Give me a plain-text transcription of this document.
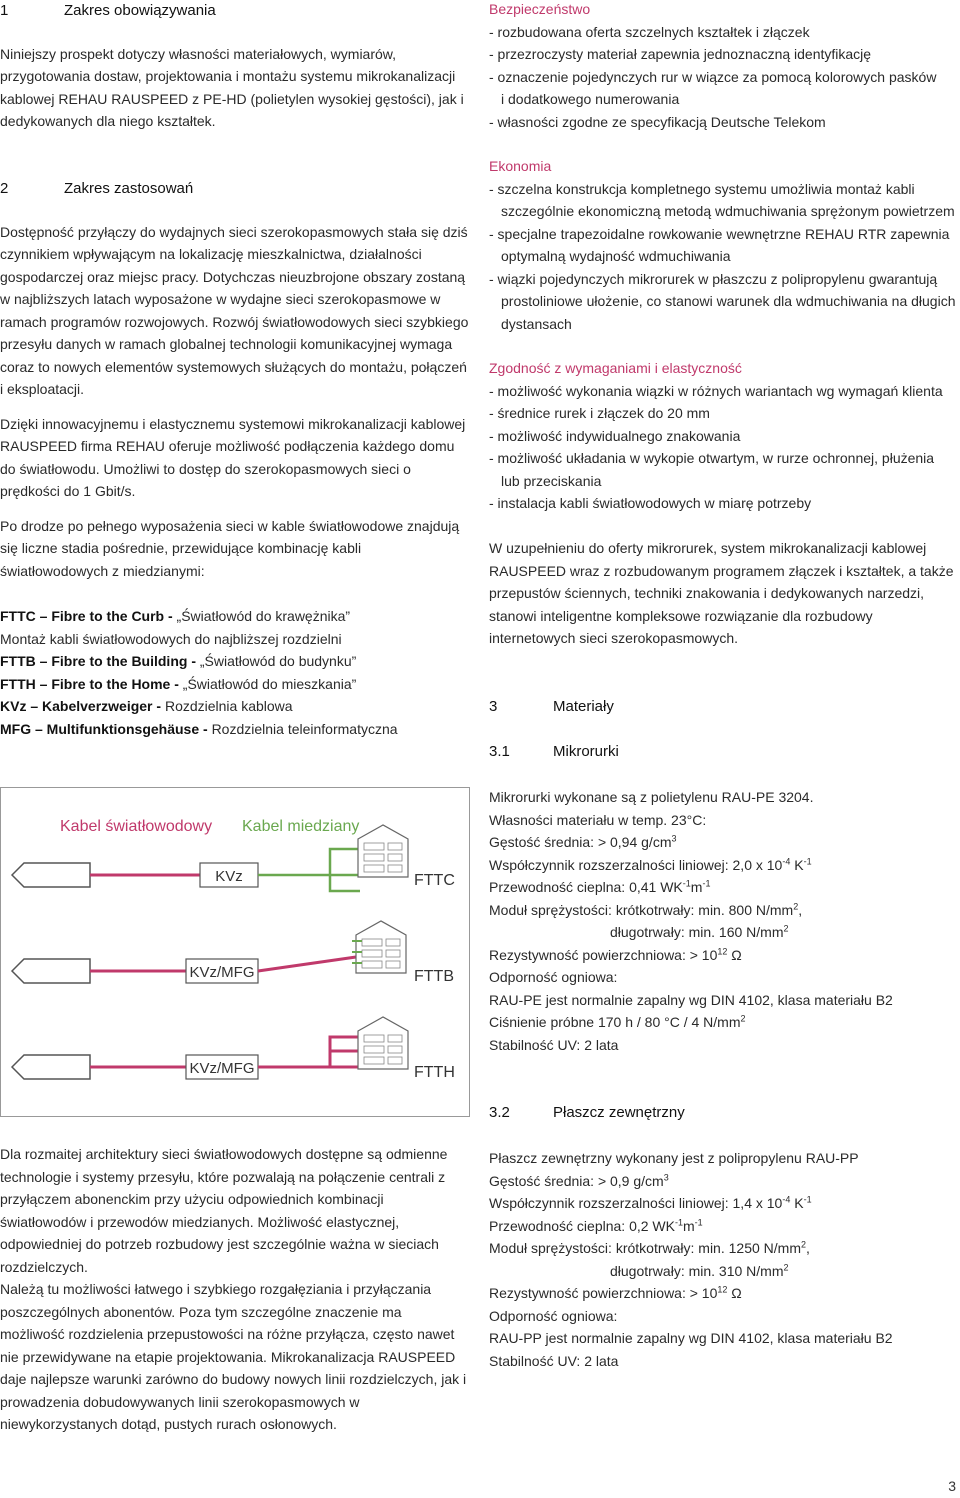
1	Zakres obowiązywania

Niniejszy prospekt dotyczy własności materiałowych, wymiarów, przygotowania dostaw, projektowania i montażu systemu mikrokanalizacji kablowej REHAU RAUSPEED z PE-HD (polietylen wysokiej gęstości), jak i dedykowanych dla niego kształtek.

2	Zakres zastosowań

Dostępność przyłączy do wydajnych sieci szerokopasmowych stała się dziś czynnikiem wpływającym na lokalizację mieszkalnictwa, działalności gospodarczej oraz miejsc pracy. Dotychczas nieuzbrojone obszary zostaną w najbliższych latach wyposażone w wydajne sieci szerokopasmowe w ramach programów rozwojowych. Rozwój światłowodowych sieci szybkiego przesyłu danych w ramach globalnej technologii komunikacyjnej wymaga coraz to nowych elementów systemowych służących do montażu, połączeń i eksploatacji.

Dzięki innowacyjnemu i elastycznemu systemowi mikrokanalizacji kablowej RAUSPEED firma REHAU oferuje możliwość podłączenia każdego domu do światłowodu. Umożliwi to dostęp do szerokopasmowych sieci o prędkości do 1 Gbit/s.

Po drodze po pełnego wyposażenia sieci w kable światłowodowe znajdują się liczne stadia pośrednie, przewidujące kombinację kabli światłowodowych z miedzianymi:

FTTC – Fibre to the Curb - „Światłowód do krawężnika”
Montaż kabli światłowodowych do najbliższej rozdzielni
FTTB – Fibre to the Building - „Światłowód do budynku”
FTTH – Fibre to the Home - „Światłowód do mieszkania”
KVz – Kabelverzweiger - Rozdzielnia kablowa
MFG – Multifunktionsgehäuse - Rozdzielnia teleinformatyczna
Kabel światłowodowy Kabel miedziany
KVz	FTTC
KVz/MFG	FTTB
KVz/MFG	FTTH

Dla rozmaitej architektury sieci światłowodowych dostępne są odmienne technologie i systemy przesyłu, które pozwalają na połączenie centrali z przyłączem abonenckim przy użyciu odpowiednich kombinacji światłowodów i przewodów miedzianych. Możliwość elastycznej, odpowiedniej do potrzeb rozbudowy jest szczególnie ważna w sieciach rozdzielczych.

Należą tu możliwości łatwego i szybkiego rozgałęziania i przyłączania poszczególnych abonentów. Poza tym szczególne znaczenie ma możliwość rozdzielenia przepustowości na różne przyłącza, często nawet nie przewidywane na etapie projektowania. Mikrokanalizacja RAUSPEED daje najlepsze warunki zarówno do budowy nowych linii rozdzielczych, jak i prowadzenia dobudowywanych linii szerokopasmowych w niewykorzystanych dotąd, pustych rurach osłonowych.

Bezpieczeństwo
- rozbudowana oferta szczelnych kształtek i złączek
- przezroczysty materiał zapewnia jednoznaczną identyfikację
- oznaczenie pojedynczych rur w wiązce za pomocą kolorowych pasków
i dodatkowego numerowania
- własności zgodne ze specyfikacją Deutsche Telekom
Ekonomia
- szczelna konstrukcja kompletnego systemu umożliwia montaż kabli szczególnie ekonomiczną metodą wdmuchiwania sprężonym powietrzem
- specjalne trapezoidalne rowkowanie wewnętrzne REHAU RTR zapewnia optymalną wydajność wdmuchiwania
- wiązki pojedynczych mikrorurek w płaszczu z polipropylenu gwarantują prostoliniowe ułożenie, co stanowi warunek dla wdmuchiwania na długich dystansach
Zgodność z wymaganiami i elastyczność
- możliwość wykonania wiązki w różnych wariantach wg wymagań klienta
- średnice rurek i złączek do 20 mm
- możliwość indywidualnego znakowania
- możliwość układania w wykopie otwartym, w rurze ochronnej, płużenia
lub przeciskania
- instalacja kabli światłowodowych w miarę potrzeby

W uzupełnieniu do oferty mikrorurek, system mikrokanalizacji kablowej RAUSPEED wraz z rozbudowanym programem złączek i kształtek, a także przepustów ściennych, techniki znakowania i dedykowanych narzedzi, stanowi inteligentne kompleksowe rozwiązanie dla rozbudowy internetowych sieci szerokopasmowych.

3	Materiały
3.1	Mikrorurki
Mikrorurki wykonane są z polietylenu RAU-PE 3204.
Własności materiału w temp. 23°C:
Gęstość średnia: > 0,94 $g/cm^3$
Współczynnik rozszerzalności liniowej: 2,0 x $10^{-4}$ $K^{-1}$
Przewodność cieplna: 0,41 $WK^{-1}m^{-1}$
Moduł sprężystości: krótkotrwały: min. 800 $N/mm^2$,
długotrwały: min. 160 $N/mm^2$
Rezystywność powierzchniowa: > $10^{12}$ Ω
Odporność ogniowa:
RAU-PE jest normalnie zapalny wg DIN 4102, klasa materiału B2
Ciśnienie próbne 170 h / 80 °C / 4 $N/mm^2$
Stabilność UV: 2 lata
3.2	Płaszcz zewnętrzny
Płaszcz zewnętrzny wykonany jest z polipropylenu RAU-PP
Gęstość średnia: > 0,9 $g/cm^3$
Współczynnik rozszerzalności liniowej: 1,4 x $10^{-4}$ $K^{-1}$
Przewodność cieplna: 0,2 $WK^{-1}m^{-1}$
Moduł sprężystości: krótkotrwały: min. 1250 $N/mm^2$,
długotrwały: min. 310 $N/mm^2$
Rezystywność powierzchniowa: > $10^{12}$ Ω
Odporność ogniowa:
RAU-PP jest normalnie zapalny wg DIN 4102, klasa materiału B2
Stabilność UV: 2 lata
3
